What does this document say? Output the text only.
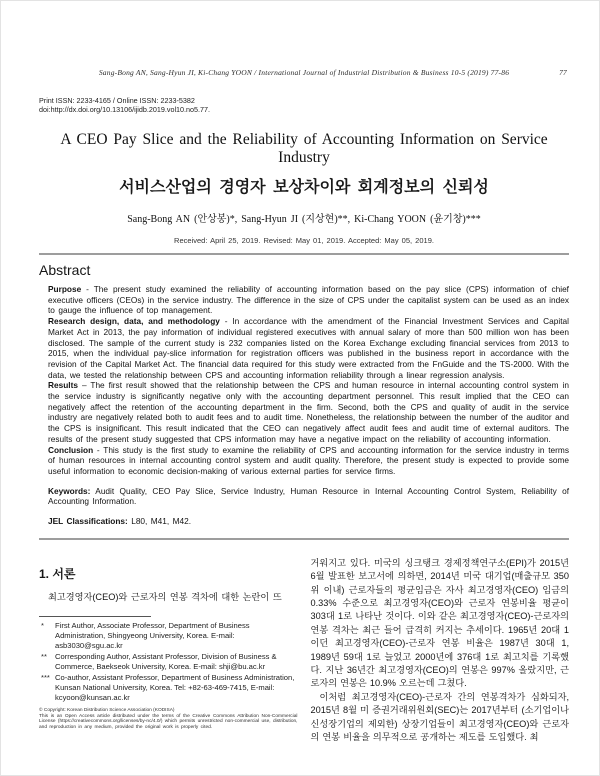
Sang-Bong AN, Sang-Hyun JI, Ki-Chang YOON / International Journal of Industrial Distribution & Business 10-5 (2019) 77-86	77
Print ISSN: 2233-4165 / Online ISSN: 2233-5382
doi:http://dx.doi.org/10.13106/ijidb.2019.vol10.no5.77.
A CEO Pay Slice and the Reliability of Accounting Information on Service Industry
서비스산업의 경영자 보상차이와 회계정보의 신뢰성
Sang-Bong AN (안상봉)*, Sang-Hyun JI (지상현)**, Ki-Chang YOON (윤기창)***
Received: April 25, 2019. Revised: May 01, 2019. Accepted: May 05, 2019.
Abstract

Purpose - The present study examined the reliability of accounting information based on the pay slice (CPS) information of chief executive officers (CEOs) in the service industry. The difference in the size of CPS under the capitalist system can be used as an index to gauge the influence of top management.

Research design, data, and methodology - In accordance with the amendment of the Financial Investment Services and Capital Market Act in 2013, the pay information of individual registered executives with annual salary of more than 500 million won has been disclosed. The sample of the current study is 232 companies listed on the Korea Exchange excluding financial services from 2013 to 2015, when the individual pay-slice information for registration officers was published in the business report in accordance with the revision of the Capital Market Act. The financial data required for this study were extracted from the FnGuide and the TS-2000. With the data, we tested the relationship between CPS and accounting information reliability through a linear regression analysis.

Results – The first result showed that the relationship between the CPS and human resource in internal accounting control system in the service industry is significantly negative only with the accounting department personnel. This result implied that the CEO can negatively affect the retention of the accounting department in the firm. Second, both the CPS and quality of audit in the service industry are negatively related both to audit fees and to audit time. Nonetheless, the relationship between the number of the auditor and the CPS is insignificant. This result indicated that the CEO can negatively affect audit fees and audit time of external auditors. The results of the present study suggested that CPS information may have a negative impact on the reliability of accounting information.

Conclusion - This study is the first study to examine the reliability of CPS and accounting information for the service industry in terms of human resources in internal accounting control system and audit quality. Therefore, the present study is expected to provide some useful information to economic decision-making of various external parties for service firms.

Keywords: Audit Quality, CEO Pay Slice, Service Industry, Human Resource in Internal Accounting Control System, Reliability of Accounting Information.

JEL Classifications: L80, M41, M42.

1. 서론

최고경영자(CEO)와 근로자의 연봉 격차에 대한 논란이 뜨

* First Author, Associate Professor, Department of Business Administration, Shingyeong University, Korea. E-mail: asb3030@sgu.ac.kr
** Corresponding Author, Assistant Professor, Division of Business & Commerce, Baekseok University, Korea. E-mail: shji@bu.ac.kr
*** Co-author, Assistant Professor, Department of Business Administration, Kunsan National University, Korea. Tel: +82-63-469-7415, E-mail: kcyoon@kunsan.ac.kr
© Copyright: Korean Distribution Science Association (KODISA)
This is an Open Access article distributed under the terms of the Creative Commons Attribution Non-Commercial License (https://creativecommons.org/licenses/by-nc/4.0/) which permits unrestricted non-commercial use, distribution, and reproduction in any medium, provided the original work is properly cited.

거워지고 있다. 미국의 싱크탱크 경제정책연구소(EPI)가 2015년 6월 발표한 보고서에 의하면, 2014년 미국 대기업(매출규모 350위 이내) 근로자들의 평균임금은 자사 최고경영자(CEO) 임금의 0.33% 수준으로 최고경영자(CEO)와 근로자 연봉비율 평균이 303대 1로 나타난 것이다. 이와 같은 최고경영자(CEO)-근로자의 연봉 격차는 최근 들어 급격히 커지는 추세이다. 1965년 20대 1이던 최고경영자(CEO)-근로자 연봉 비율은 1987년 30대 1, 1989년 59대 1로 늘었고 2000년에 376대 1로 최고치를 기록했다. 지난 36년간 최고경영자(CEO)의 연봉은 997% 올랐지만, 근로자의 연봉은 10.9% 오르는데 그쳤다.

이처럼 최고경영자(CEO)-근로자 간의 연봉격차가 심화되자, 2015년 8월 미 증권거래위원회(SEC)는 2017년부터 (소기업이나 신성장기업의 제외한) 상장기업들이 최고경영자(CEO)와 근로자의 연봉 비율을 의무적으로 공개하는 제도를 도입했다. 최
